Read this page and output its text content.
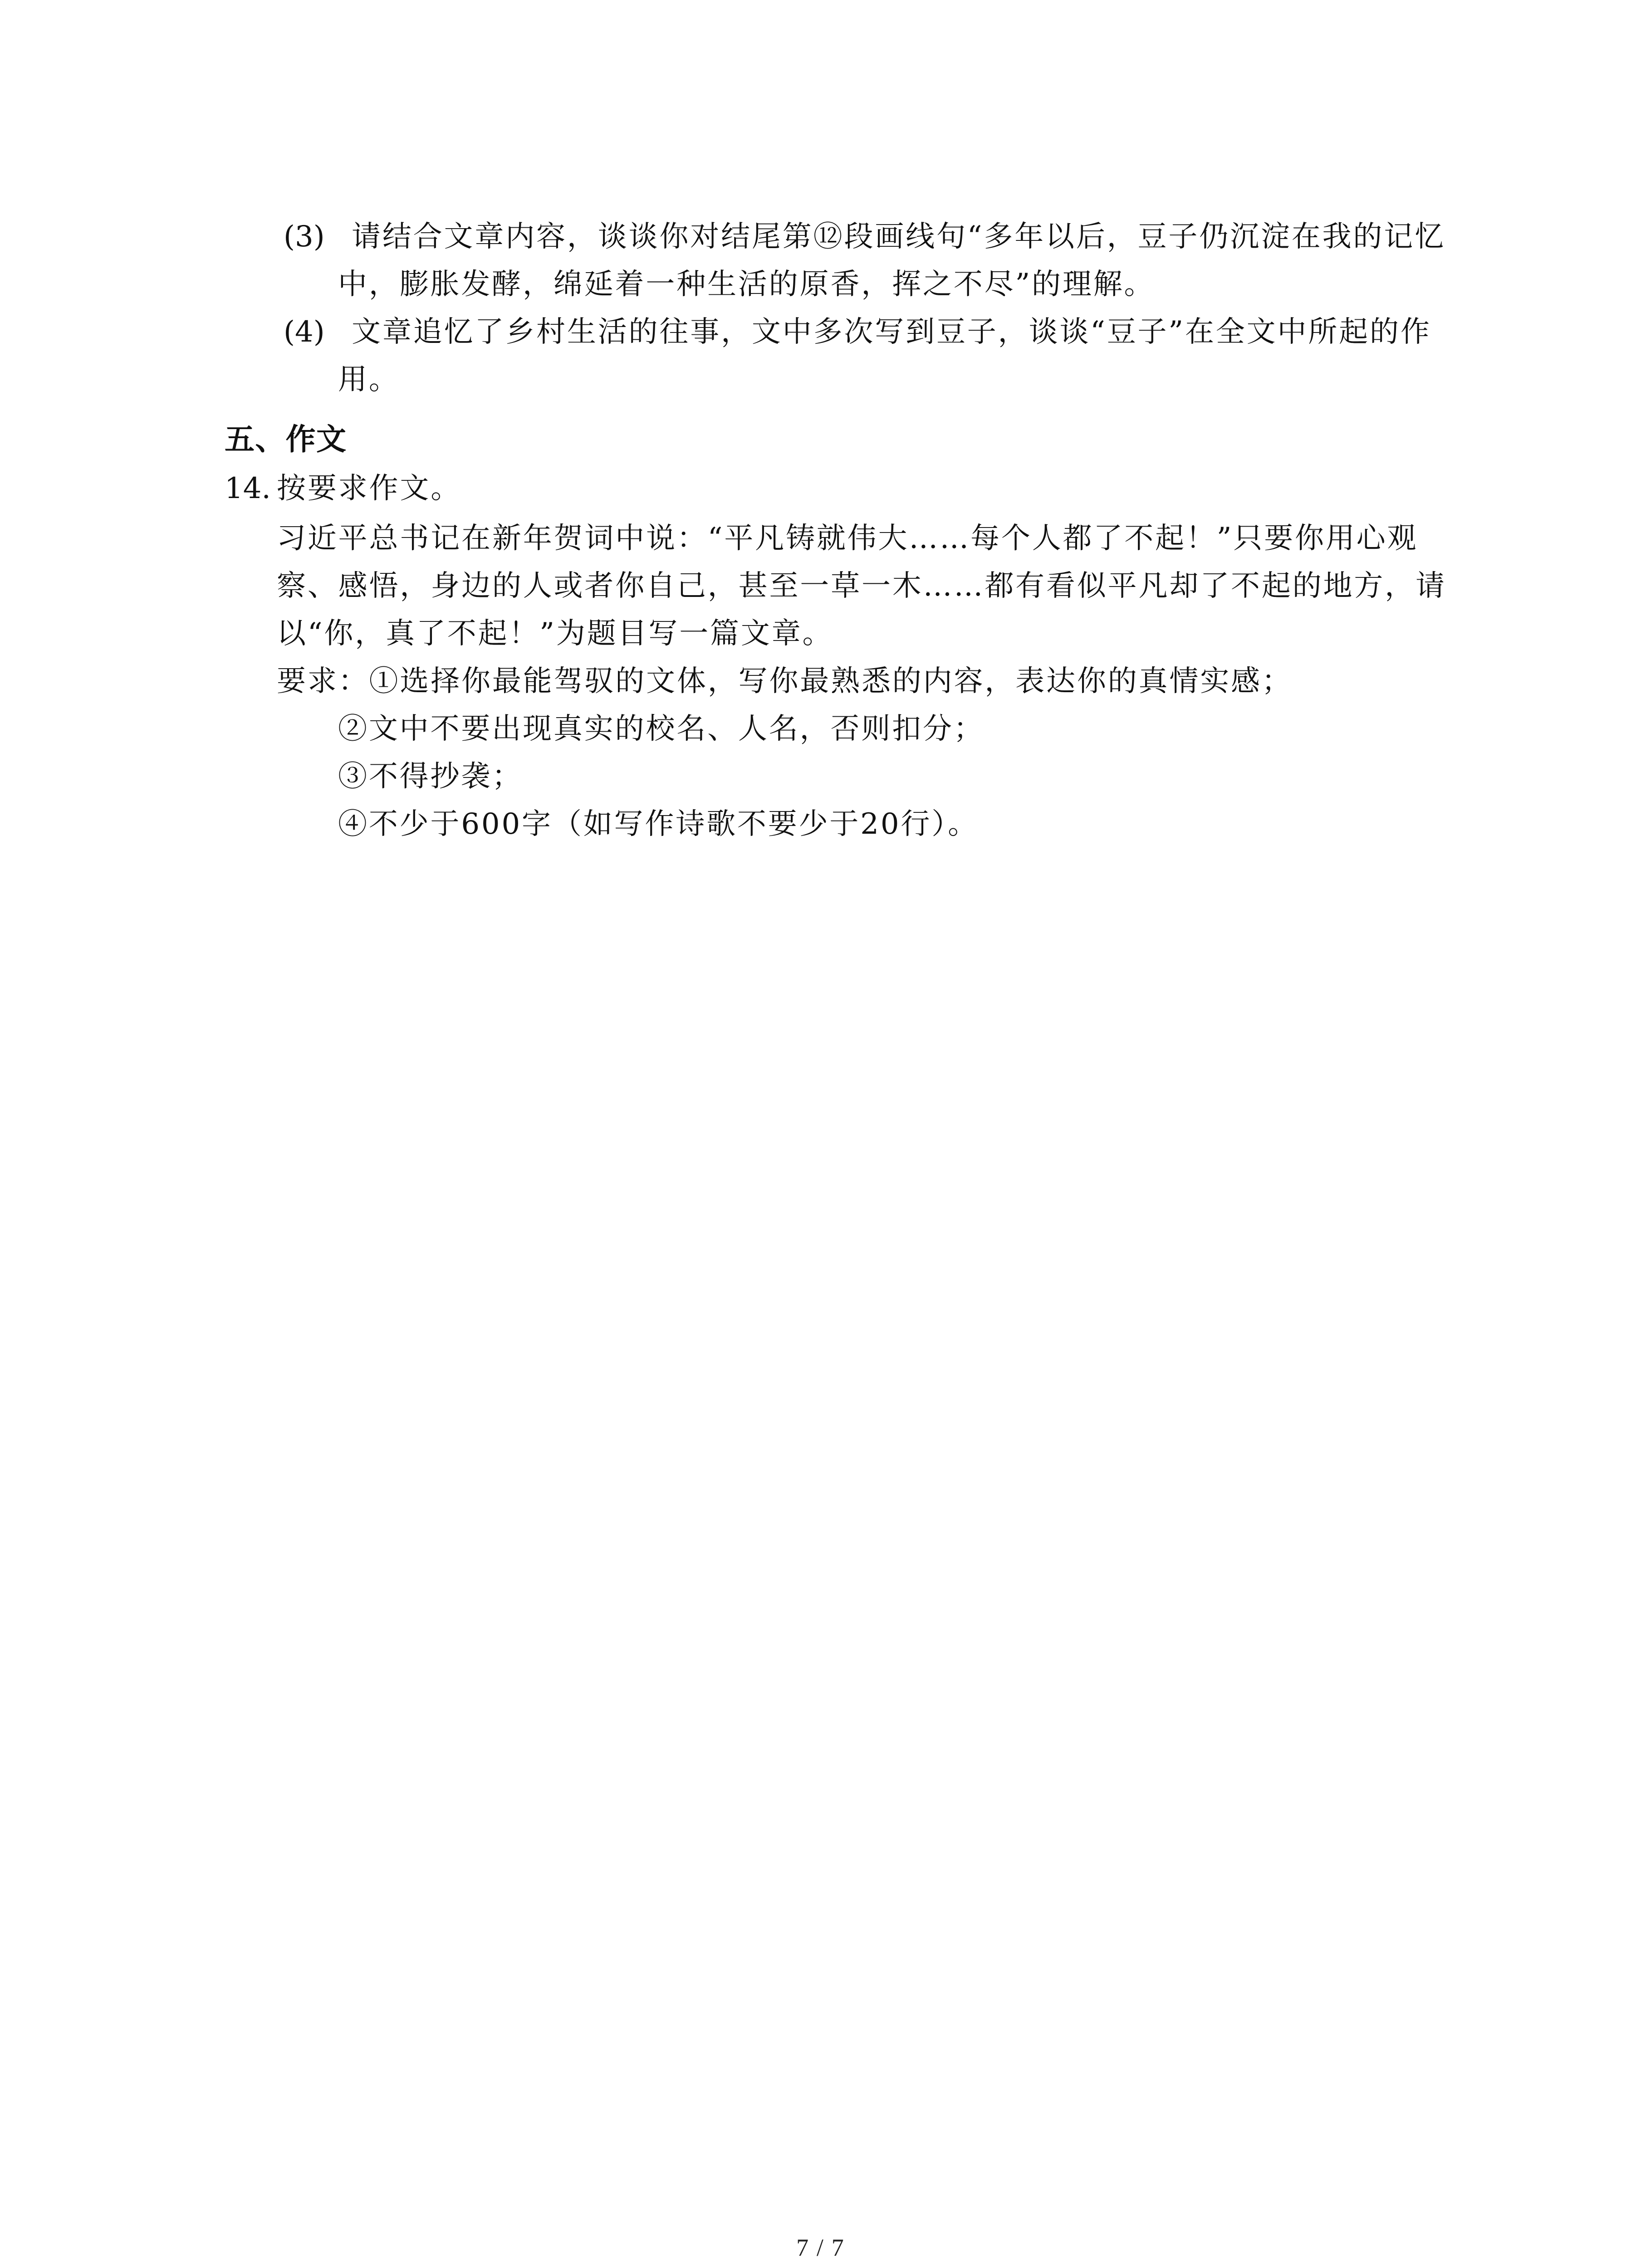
(3) 请结合文章内容，谈谈你对结尾第⑫段画线句“多年以后，豆子仍沉淀在我的记忆
中，膨胀发酵，绵延着一种生活的原香，挥之不尽”的理解。
(4) 文章追忆了乡村生活的往事，文中多次写到豆子，谈谈“豆子”在全文中所起的作
用。
五、作文
14. 按要求作文。
习近平总书记在新年贺词中说：“平凡铸就伟大……每个人都了不起！”只要你用心观
察、感悟，身边的人或者你自己，甚至一草一木……都有看似平凡却了不起的地方，请
以“你，真了不起！”为题目写一篇文章。
要求：①选择你最能驾驭的文体，写你最熟悉的内容，表达你的真情实感；
②文中不要出现真实的校名、人名，否则扣分；
③不得抄袭；
④不少于600字（如写作诗歌不要少于20行）。
7 / 7
